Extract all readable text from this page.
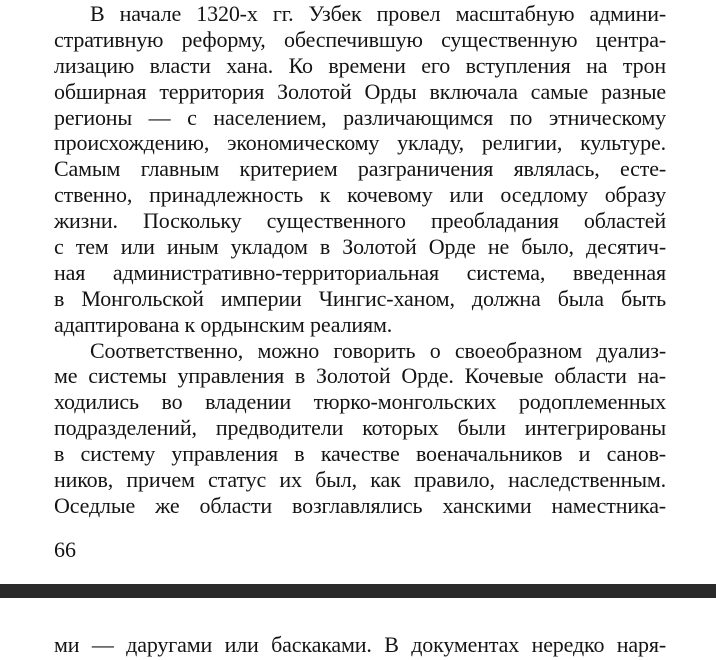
В начале 1320-х гг. Узбек провел масштабную админи-
стративную реформу, обеспечившую существенную центра-
лизацию власти хана. Ко времени его вступления на трон
обширная территория Золотой Орды включала самые разные
регионы — с населением, различающимся по этническому
происхождению, экономическому укладу, религии, культуре.
Самым главным критерием разграничения являлась, есте-
ственно, принадлежность к кочевому или оседлому образу
жизни. Поскольку существенного преобладания областей
с тем или иным укладом в Золотой Орде не было, десятич-
ная административно-территориальная система, введенная
в Монгольской империи Чингис-ханом, должна была быть
адаптирована к ордынским реалиям.
Соответственно, можно говорить о своеобразном дуализ-
ме системы управления в Золотой Орде. Кочевые области на-
ходились во владении тюрко-монгольских родоплеменных
подразделений, предводители которых были интегрированы
в систему управления в качестве военачальников и санов-
ников, причем статус их был, как правило, наследственным.
Оседлые же области возглавлялись ханскими наместника-
66
ми — даругами или баскаками. В документах нередко наря-
